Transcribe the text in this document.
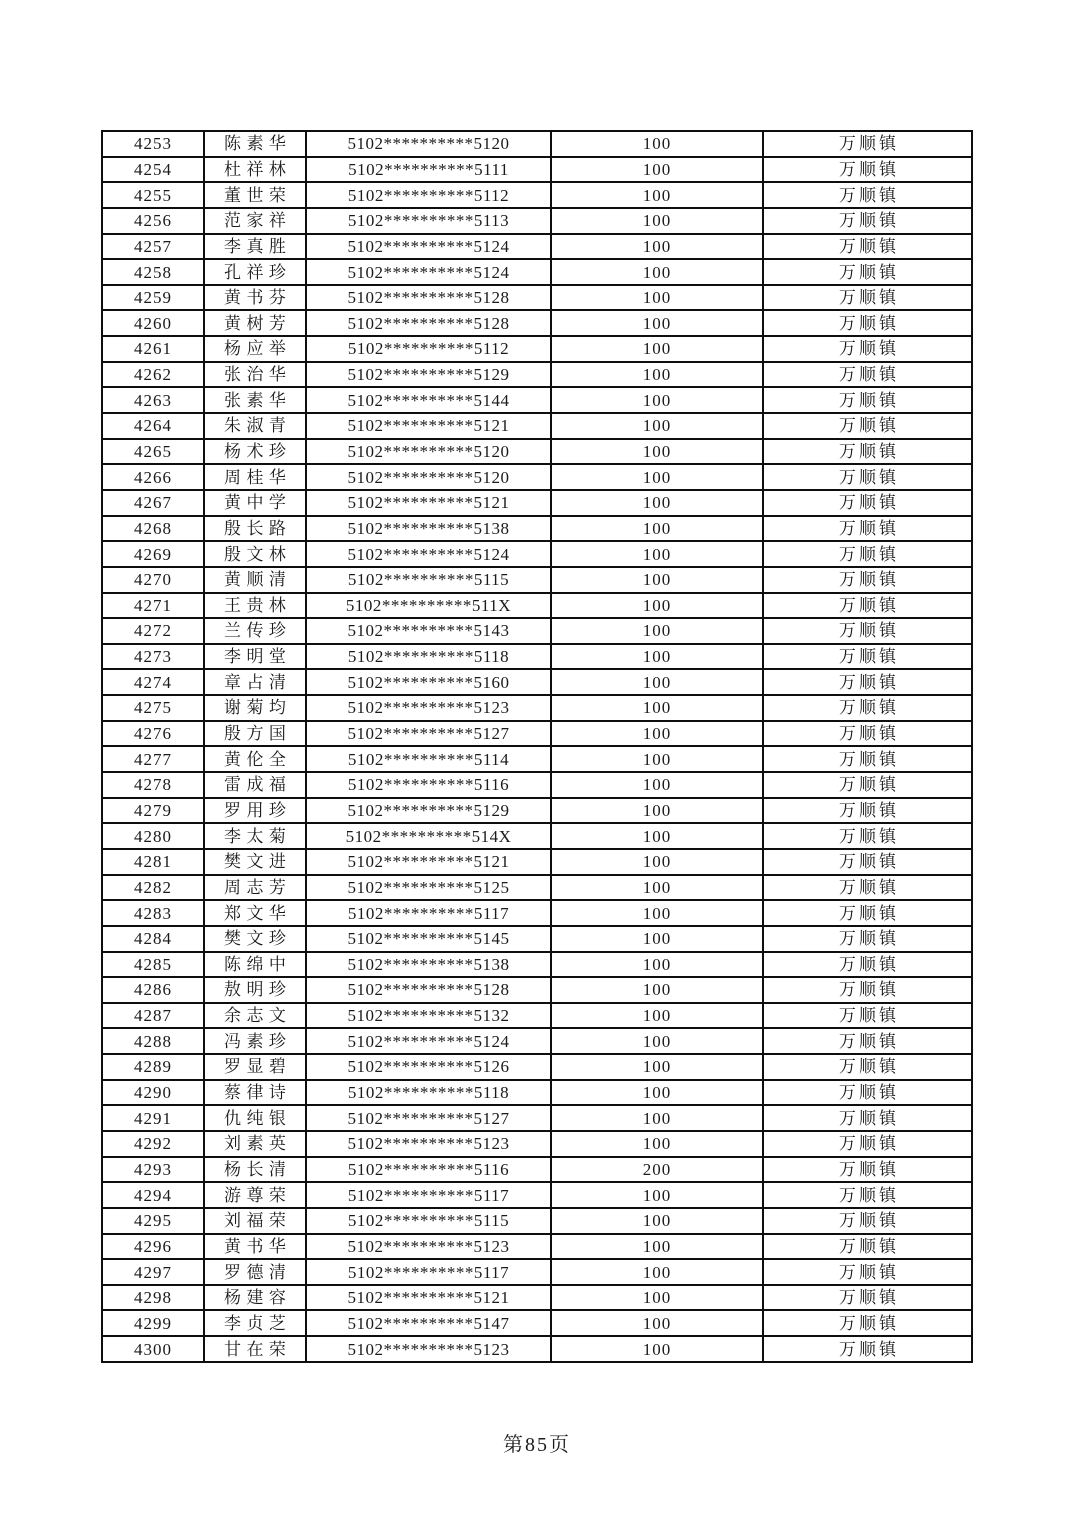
4253	陈素华	5102**********5120	100	万顺镇
4254	杜祥林	5102**********5111	100	万顺镇
4255	董世荣	5102**********5112	100	万顺镇
4256	范家祥	5102**********5113	100	万顺镇
4257	李真胜	5102**********5124	100	万顺镇
4258	孔祥珍	5102**********5124	100	万顺镇
4259	黄书芬	5102**********5128	100	万顺镇
4260	黄树芳	5102**********5128	100	万顺镇
4261	杨应举	5102**********5112	100	万顺镇
4262	张治华	5102**********5129	100	万顺镇
4263	张素华	5102**********5144	100	万顺镇
4264	朱淑青	5102**********5121	100	万顺镇
4265	杨术珍	5102**********5120	100	万顺镇
4266	周桂华	5102**********5120	100	万顺镇
4267	黄中学	5102**********5121	100	万顺镇
4268	殷长路	5102**********5138	100	万顺镇
4269	殷文林	5102**********5124	100	万顺镇
4270	黄顺清	5102**********5115	100	万顺镇
4271	王贵林	5102**********511X	100	万顺镇
4272	兰传珍	5102**********5143	100	万顺镇
4273	李明堂	5102**********5118	100	万顺镇
4274	章占清	5102**********5160	100	万顺镇
4275	谢菊均	5102**********5123	100	万顺镇
4276	殷方国	5102**********5127	100	万顺镇
4277	黄伦全	5102**********5114	100	万顺镇
4278	雷成福	5102**********5116	100	万顺镇
4279	罗用珍	5102**********5129	100	万顺镇
4280	李太菊	5102**********514X	100	万顺镇
4281	樊文进	5102**********5121	100	万顺镇
4282	周志芳	5102**********5125	100	万顺镇
4283	郑文华	5102**********5117	100	万顺镇
4284	樊文珍	5102**********5145	100	万顺镇
4285	陈绵中	5102**********5138	100	万顺镇
4286	敖明珍	5102**********5128	100	万顺镇
4287	余志文	5102**********5132	100	万顺镇
4288	冯素珍	5102**********5124	100	万顺镇
4289	罗显碧	5102**********5126	100	万顺镇
4290	蔡律诗	5102**********5118	100	万顺镇
4291	仇纯银	5102**********5127	100	万顺镇
4292	刘素英	5102**********5123	100	万顺镇
4293	杨长清	5102**********5116	200	万顺镇
4294	游尊荣	5102**********5117	100	万顺镇
4295	刘福荣	5102**********5115	100	万顺镇
4296	黄书华	5102**********5123	100	万顺镇
4297	罗德清	5102**********5117	100	万顺镇
4298	杨建容	5102**********5121	100	万顺镇
4299	李贞芝	5102**********5147	100	万顺镇
4300	甘在荣	5102**********5123	100	万顺镇
第85页
